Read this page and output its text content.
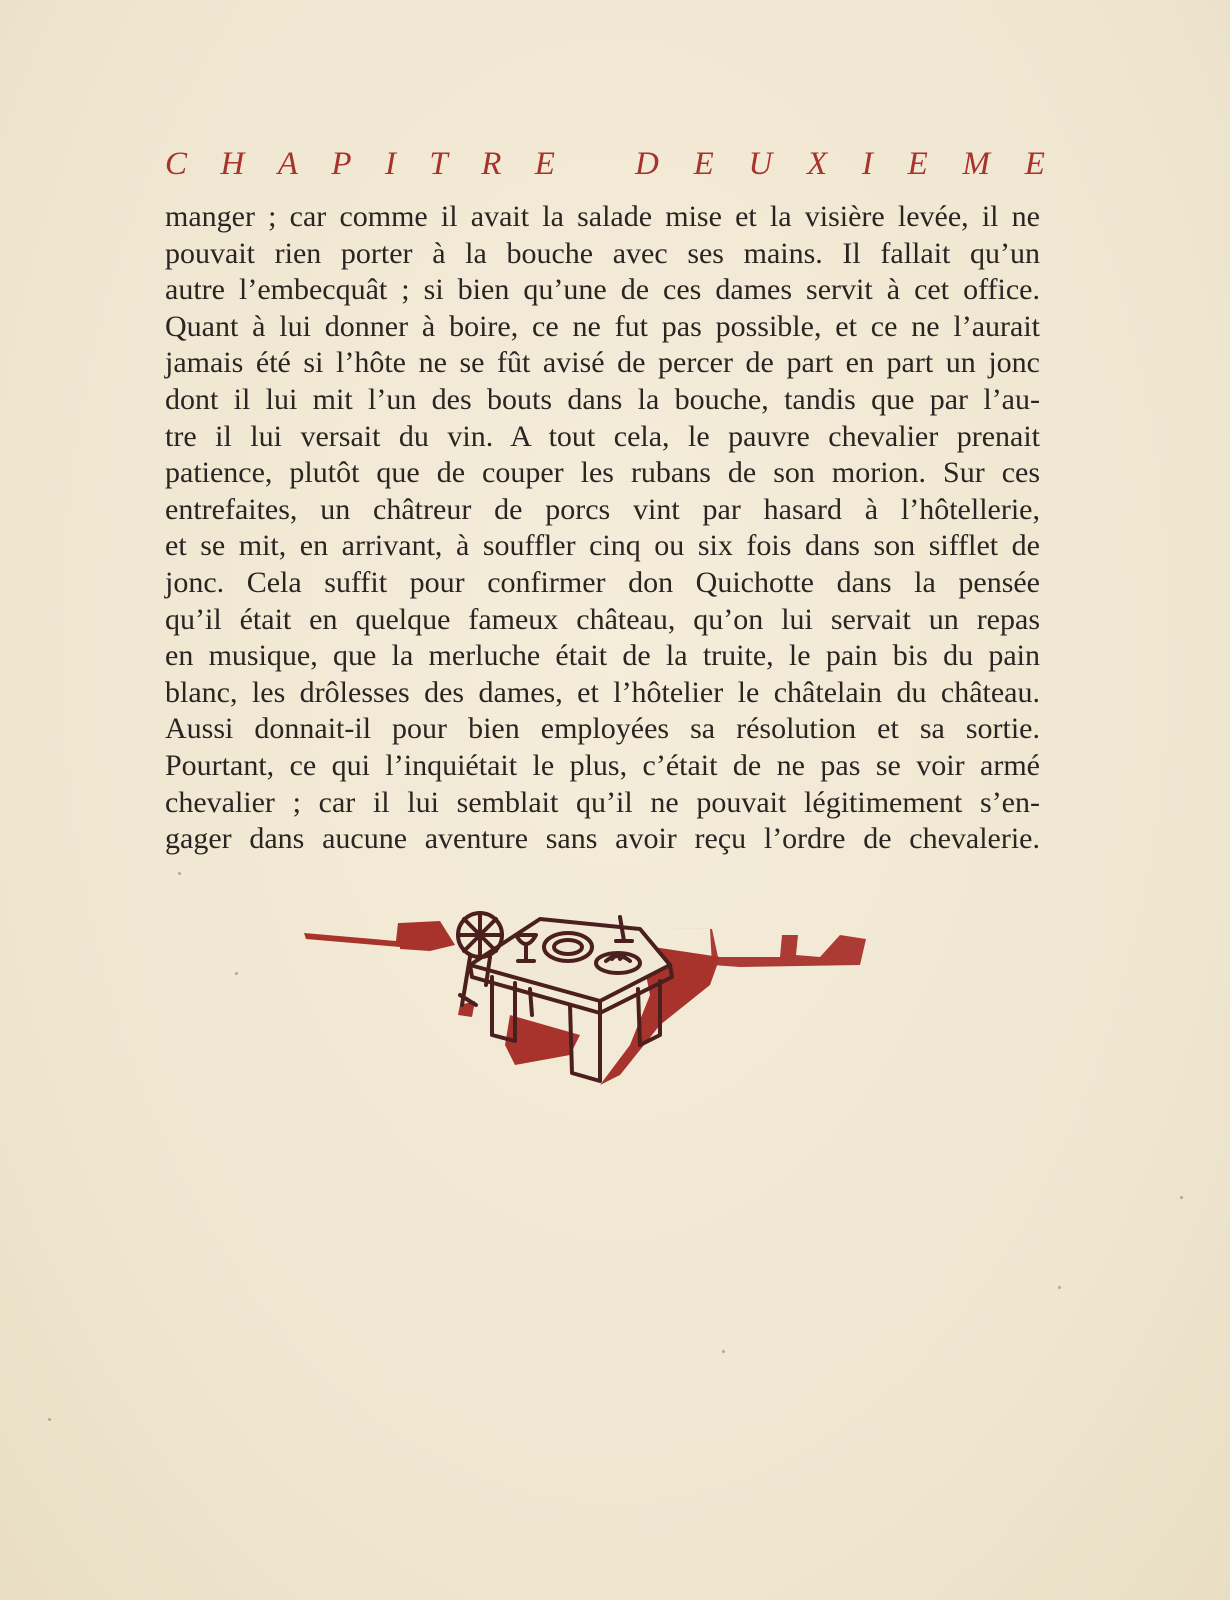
C H A P I T R E D E U X I E M E
manger ; car comme il avait la salade mise et la visière levée, il ne
pouvait rien porter à la bouche avec ses mains. Il fallait qu’un
autre l’embecquât ; si bien qu’une de ces dames servit à cet office.
Quant à lui donner à boire, ce ne fut pas possible, et ce ne l’aurait
jamais été si l’hôte ne se fût avisé de percer de part en part un jonc
dont il lui mit l’un des bouts dans la bouche, tandis que par l’au-
tre il lui versait du vin. A tout cela, le pauvre chevalier prenait
patience, plutôt que de couper les rubans de son morion. Sur ces
entrefaites, un châtreur de porcs vint par hasard à l’hôtellerie,
et se mit, en arrivant, à souffler cinq ou six fois dans son sifflet de
jonc. Cela suffit pour confirmer don Quichotte dans la pensée
qu’il était en quelque fameux château, qu’on lui servait un repas
en musique, que la merluche était de la truite, le pain bis du pain
blanc, les drôlesses des dames, et l’hôtelier le châtelain du château.
Aussi donnait-il pour bien employées sa résolution et sa sortie.
Pourtant, ce qui l’inquiétait le plus, c’était de ne pas se voir armé
chevalier ; car il lui semblait qu’il ne pouvait légitimement s’en-
gager dans aucune aventure sans avoir reçu l’ordre de chevalerie.
